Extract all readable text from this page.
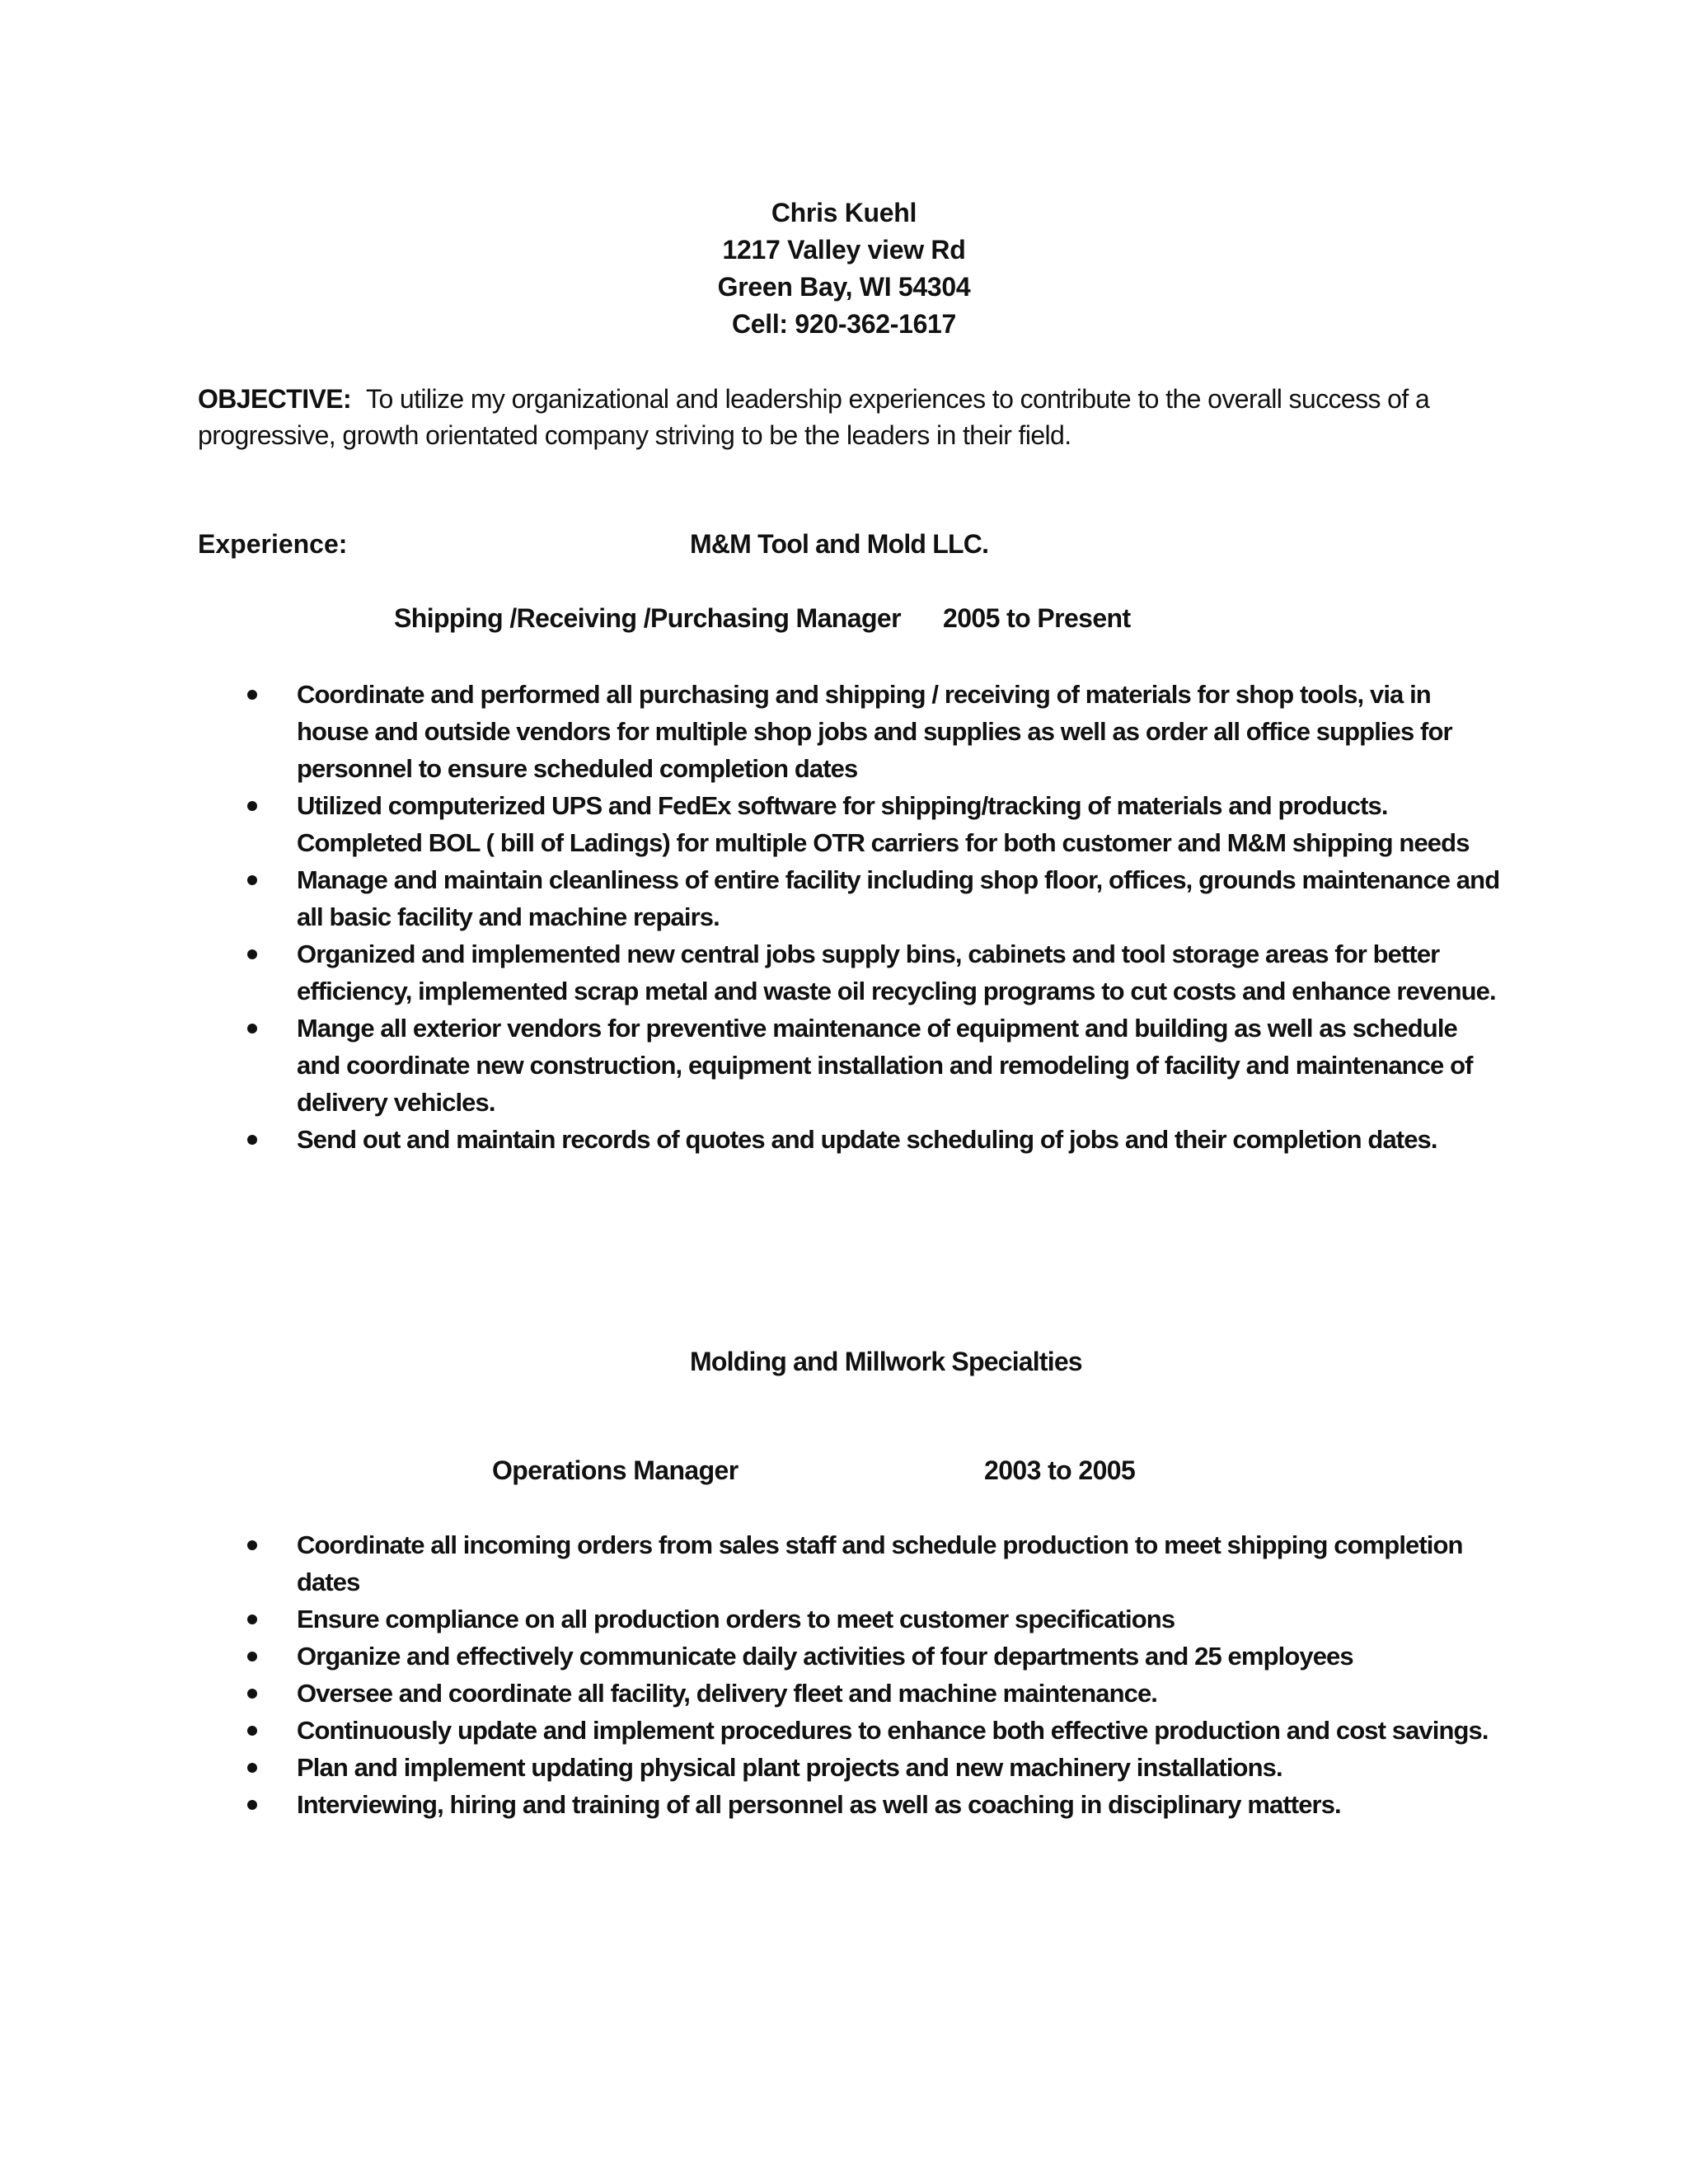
Chris Kuehl
1217 Valley view Rd
Green Bay, WI 54304
Cell: 920-362-1617
OBJECTIVE: To utilize my organizational and leadership experiences to contribute to the overall success of a progressive, growth orientated company striving to be the leaders in their field.
Experience:	M&M Tool and Mold LLC.
Shipping /Receiving /Purchasing Manager 2005 to Present
Coordinate and performed all purchasing and shipping / receiving of materials for shop tools, via in house and outside vendors for multiple shop jobs and supplies as well as order all office supplies for personnel to ensure scheduled completion dates
Utilized computerized UPS and FedEx software for shipping/tracking of materials and products. Completed BOL ( bill of Ladings) for multiple OTR carriers for both customer and M&M shipping needs
Manage and maintain cleanliness of entire facility including shop floor, offices, grounds maintenance and all basic facility and machine repairs.
Organized and implemented new central jobs supply bins, cabinets and tool storage areas for better efficiency, implemented scrap metal and waste oil recycling programs to cut costs and enhance revenue.
Mange all exterior vendors for preventive maintenance of equipment and building as well as schedule and coordinate new construction, equipment installation and remodeling of facility and maintenance of delivery vehicles.
Send out and maintain records of quotes and update scheduling of jobs and their completion dates.
Molding and Millwork Specialties
Operations Manager	2003 to 2005
Coordinate all incoming orders from sales staff and schedule production to meet shipping completion dates
Ensure compliance on all production orders to meet customer specifications
Organize and effectively communicate daily activities of four departments and 25 employees
Oversee and coordinate all facility, delivery fleet and machine maintenance.
Continuously update and implement procedures to enhance both effective production and cost savings.
Plan and implement updating physical plant projects and new machinery installations.
Interviewing, hiring and training of all personnel as well as coaching in disciplinary matters.
